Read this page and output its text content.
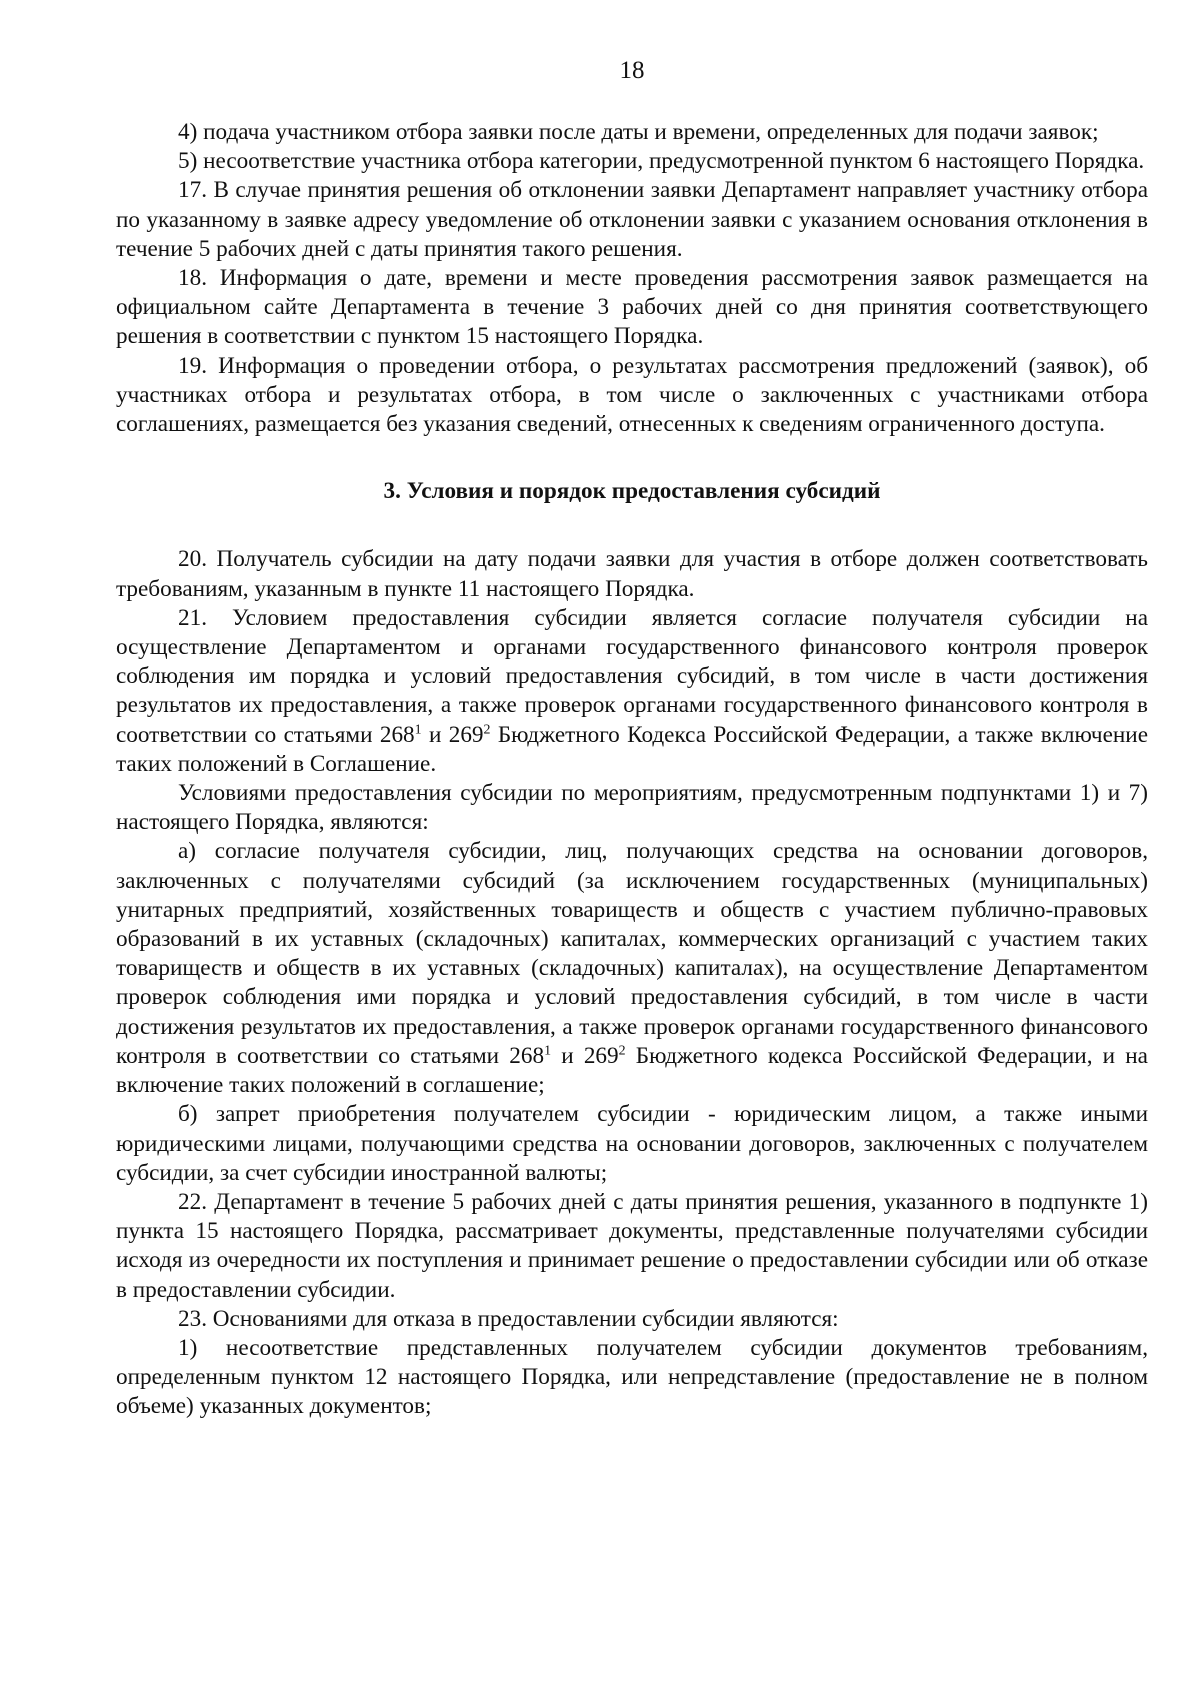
18

4) подача участником отбора заявки после даты и времени, определенных для подачи заявок;

5) несоответствие участника отбора категории, предусмотренной пунктом 6 настоящего Порядка.

17. В случае принятия решения об отклонении заявки Департамент направляет участнику отбора по указанному в заявке адресу уведомление об отклонении заявки с указанием основания отклонения в течение 5 рабочих дней с даты принятия такого решения.

18. Информация о дате, времени и месте проведения рассмотрения заявок размещается на официальном сайте Департамента в течение 3 рабочих дней со дня принятия соответствующего решения в соответствии с пунктом 15 настоящего Порядка.

19. Информация о проведении отбора, о результатах рассмотрения предложений (заявок), об участниках отбора и результатах отбора, в том числе о заключенных с участниками отбора соглашениях, размещается без указания сведений, отнесенных к сведениям ограниченного доступа.

3. Условия и порядок предоставления субсидий

20. Получатель субсидии на дату подачи заявки для участия в отборе должен соответствовать требованиям, указанным в пункте 11 настоящего Порядка.

21. Условием предоставления субсидии является согласие получателя субсидии на осуществление Департаментом и органами государственного финансового контроля проверок соблюдения им порядка и условий предоставления субсидий, в том числе в части достижения результатов их предоставления, а также проверок органами государственного финансового контроля в соответствии со статьями $268^1$ и $269^2$ Бюджетного Кодекса Российской Федерации, а также включение таких положений в Соглашение.

Условиями предоставления субсидии по мероприятиям, предусмотренным подпунктами 1) и 7) настоящего Порядка, являются:

а) согласие получателя субсидии, лиц, получающих средства на основании договоров, заключенных с получателями субсидий (за исключением государственных (муниципальных) унитарных предприятий, хозяйственных товариществ и обществ с участием публично-правовых образований в их уставных (складочных) капиталах, коммерческих организаций с участием таких товариществ и обществ в их уставных (складочных) капиталах), на осуществление Департаментом проверок соблюдения ими порядка и условий предоставления субсидий, в том числе в части достижения результатов их предоставления, а также проверок органами государственного финансового контроля в соответствии со статьями $268^1$ и $269^2$ Бюджетного кодекса Российской Федерации, и на включение таких положений в соглашение;

б) запрет приобретения получателем субсидии - юридическим лицом, а также иными юридическими лицами, получающими средства на основании договоров, заключенных с получателем субсидии, за счет субсидии иностранной валюты;

22. Департамент в течение 5 рабочих дней с даты принятия решения, указанного в подпункте 1) пункта 15 настоящего Порядка, рассматривает документы, представленные получателями субсидии исходя из очередности их поступления и принимает решение о предоставлении субсидии или об отказе в предоставлении субсидии.

23. Основаниями для отказа в предоставлении субсидии являются:

1) несоответствие представленных получателем субсидии документов требованиям, определенным пунктом 12 настоящего Порядка, или непредставление (предоставление не в полном объеме) указанных документов;
